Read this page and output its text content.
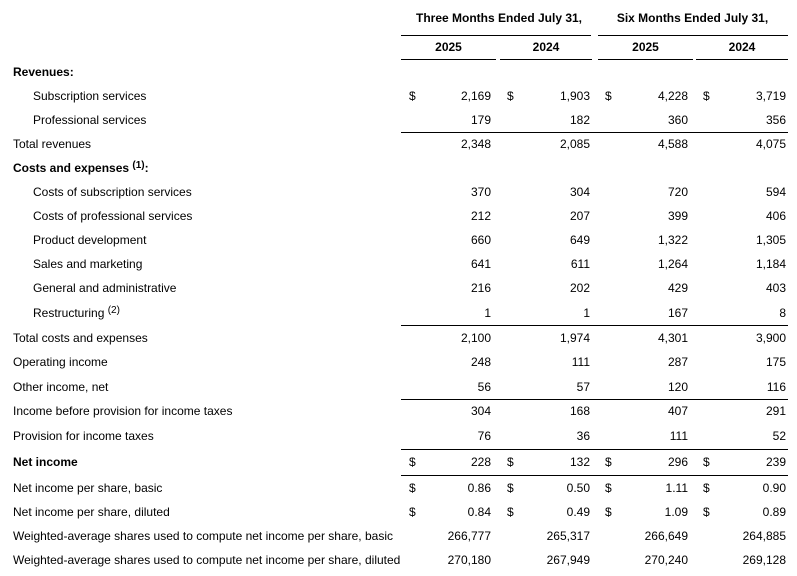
Three Months Ended July 31,	Six Months Ended July 31,
2025	2024	2025	2024
Revenues:
Subscription services	$	2,169 $	1,903 $	4,228 $	3,719
Professional services	179	182	360	356
Total revenues	2,348	2,085	4,588	4,075
Costs and expenses $^{(1)}$:
Costs of subscription services	370	304	720	594
Costs of professional services	212	207	399	406
Product development	660	649	1,322	1,305
Sales and marketing	641	611	1,264	1,184
General and administrative	216	202	429	403
Restructuring $^{(2)}$	1	1	167	8
Total costs and expenses	2,100	1,974	4,301	3,900
Operating income	248	111	287	175
Other income, net	56	57	120	116
Income before provision for income taxes	304	168	407	291
Provision for income taxes	76	36	111	52
Net income	$	228 $	132 $	296 $	239
Net income per share, basic	$	0.86 $	0.50 $	1.11 $	0.90
Net income per share, diluted	$	0.84 $	0.49 $	1.09 $	0.89
Weighted-average shares used to compute net income per share, basic	266,777	265,317	266,649	264,885
Weighted-average shares used to compute net income per share, diluted	270,180	267,949	270,240	269,128
